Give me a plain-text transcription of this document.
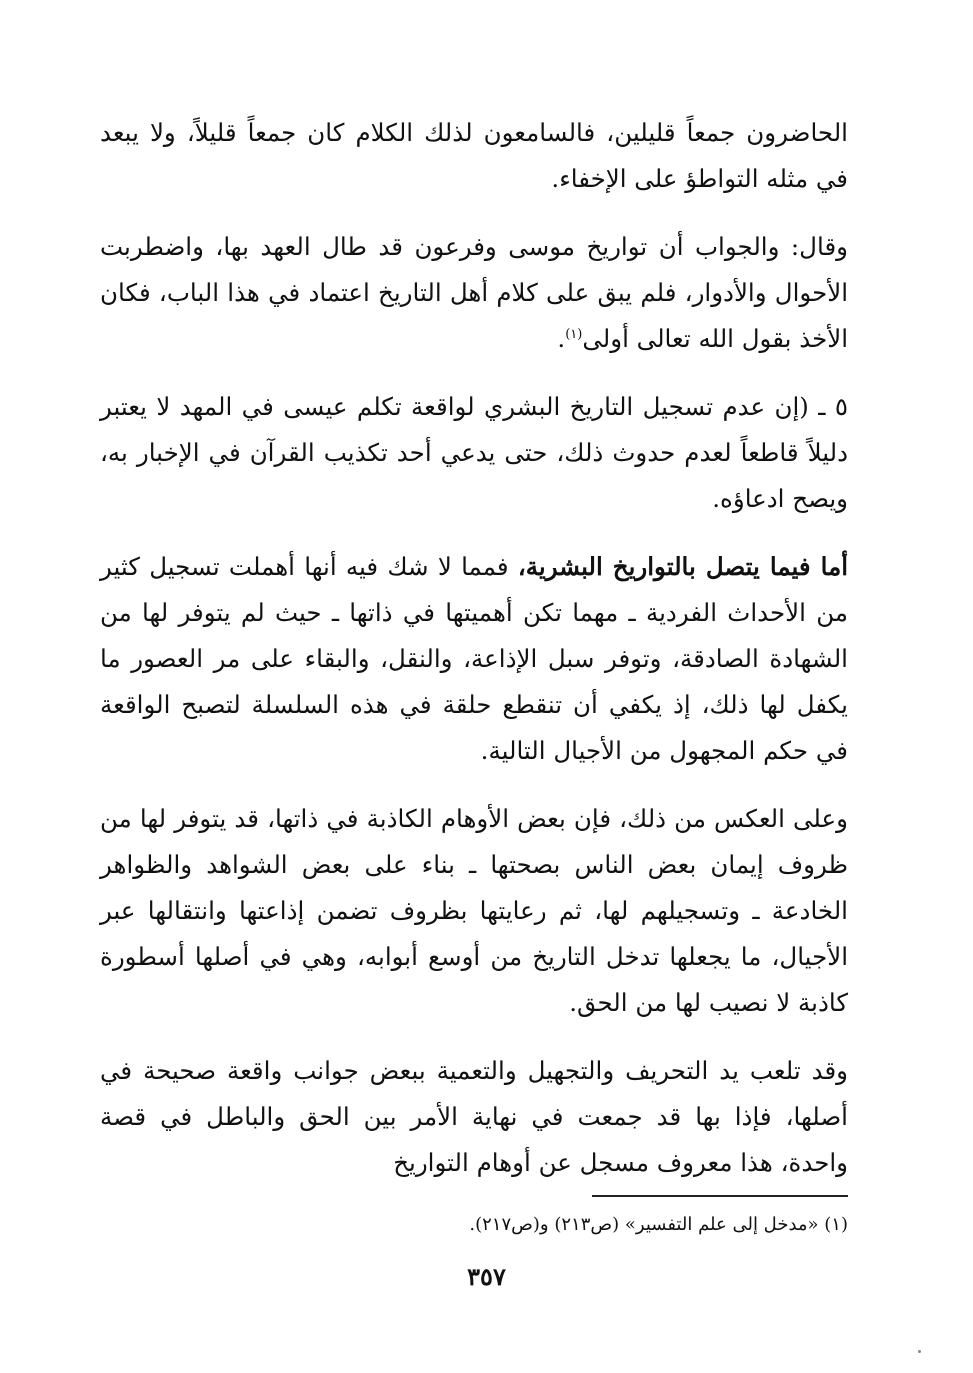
الحاضرون جمعاً قليلين، فالسامعون لذلك الكلام كان جمعاً قليلاً، ولا يبعد في مثله التواطؤ على الإخفاء.

وقال: والجواب أن تواريخ موسى وفرعون قد طال العهد بها، واضطربت الأحوال والأدوار، فلم يبق على كلام أهل التاريخ اعتماد في هذا الباب، فكان الأخذ بقول الله تعالى أولى$^{(١)}$.

٥ ـ (إن عدم تسجيل التاريخ البشري لواقعة تكلم عيسى في المهد لا يعتبر دليلاً قاطعاً لعدم حدوث ذلك، حتى يدعي أحد تكذيب القرآن في الإخبار به، ويصح ادعاؤه.

أما فيما يتصل بالتواريخ البشرية، فمما لا شك فيه أنها أهملت تسجيل كثير من الأحداث الفردية ـ مهما تكن أهميتها في ذاتها ـ حيث لم يتوفر لها من الشهادة الصادقة، وتوفر سبل الإذاعة، والنقل، والبقاء على مر العصور ما يكفل لها ذلك، إذ يكفي أن تنقطع حلقة في هذه السلسلة لتصبح الواقعة في حكم المجهول من الأجيال التالية.

وعلى العكس من ذلك، فإن بعض الأوهام الكاذبة في ذاتها، قد يتوفر لها من ظروف إيمان بعض الناس بصحتها ـ بناء على بعض الشواهد والظواهر الخادعة ـ وتسجيلهم لها، ثم رعايتها بظروف تضمن إذاعتها وانتقالها عبر الأجيال، ما يجعلها تدخل التاريخ من أوسع أبوابه، وهي في أصلها أسطورة كاذبة لا نصيب لها من الحق.

وقد تلعب يد التحريف والتجهيل والتعمية ببعض جوانب واقعة صحيحة في أصلها، فإذا بها قد جمعت في نهاية الأمر بين الحق والباطل في قصة واحدة، هذا معروف مسجل عن أوهام التواريخ

(١) «مدخل إلى علم التفسير» (ص٢١٣) و(ص٢١٧).
٣٥٧
